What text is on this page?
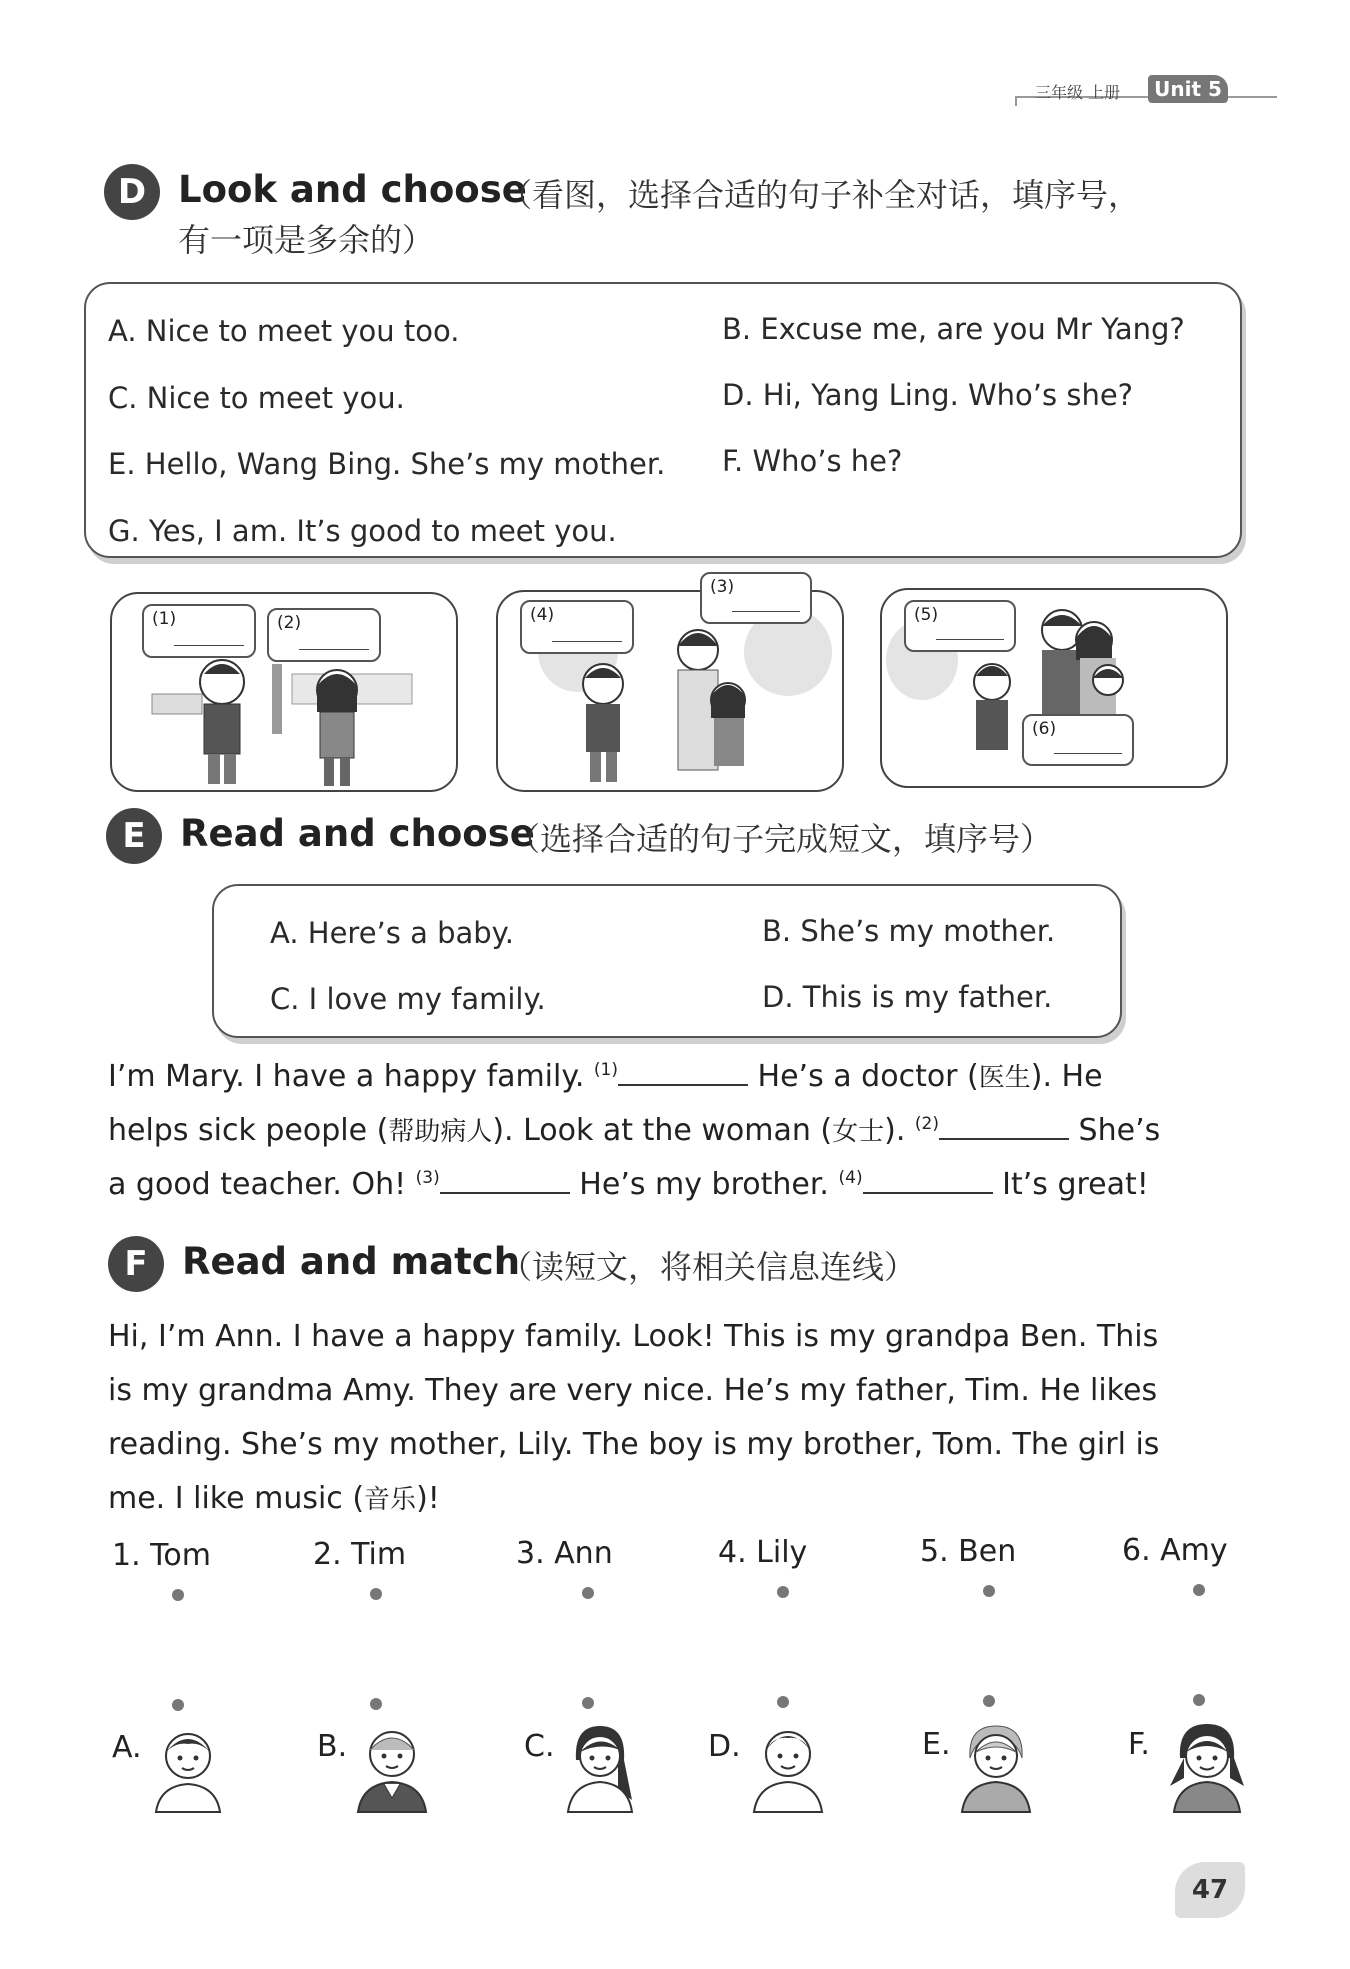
三年级 上册	Unit 5
D Look and choose
（看图，选择合适的句子补全对话，填序号，
有一项是多余的）
A. Nice to meet you too.	B. Excuse me, are you Mr Yang?
C. Nice to meet you.	D. Hi, Yang Ling. Who’s she?
E. Hello, Wang Bing. She’s my mother. F. Who’s he?
G. Yes, I am. It’s good to meet you.
(1)	(2)	(4)
(3)
(5)
(6)
E Read and choose
（选择合适的句子完成短文，填序号）
A. Here’s a baby.	B. She’s my mother.
C. I love my family.	D. This is my father.
I’m Mary. I have a happy family. $^{(1)}$	He’s a doctor (医生). He
helps sick people (帮助病人). Look at the woman (女士). $^{(2)}$	She’s
a good teacher. Oh! $^{(3)}$	He’s my brother. $^{(4)}$	It’s great!
F Read and match
（读短文，将相关信息连线）
Hi, I’m Ann. I have a happy family. Look! This is my grandpa Ben. This
is my grandma Amy. They are very nice. He’s my father, Tim. He likes
reading. She’s my mother, Lily. The boy is my brother, Tom. The girl is
me. I like music (音乐)!
1. Tom	2. Tim	3. Ann	4. Lily	5. Ben	6. Amy
A.	B.	C.	D.	E.	F.
47
